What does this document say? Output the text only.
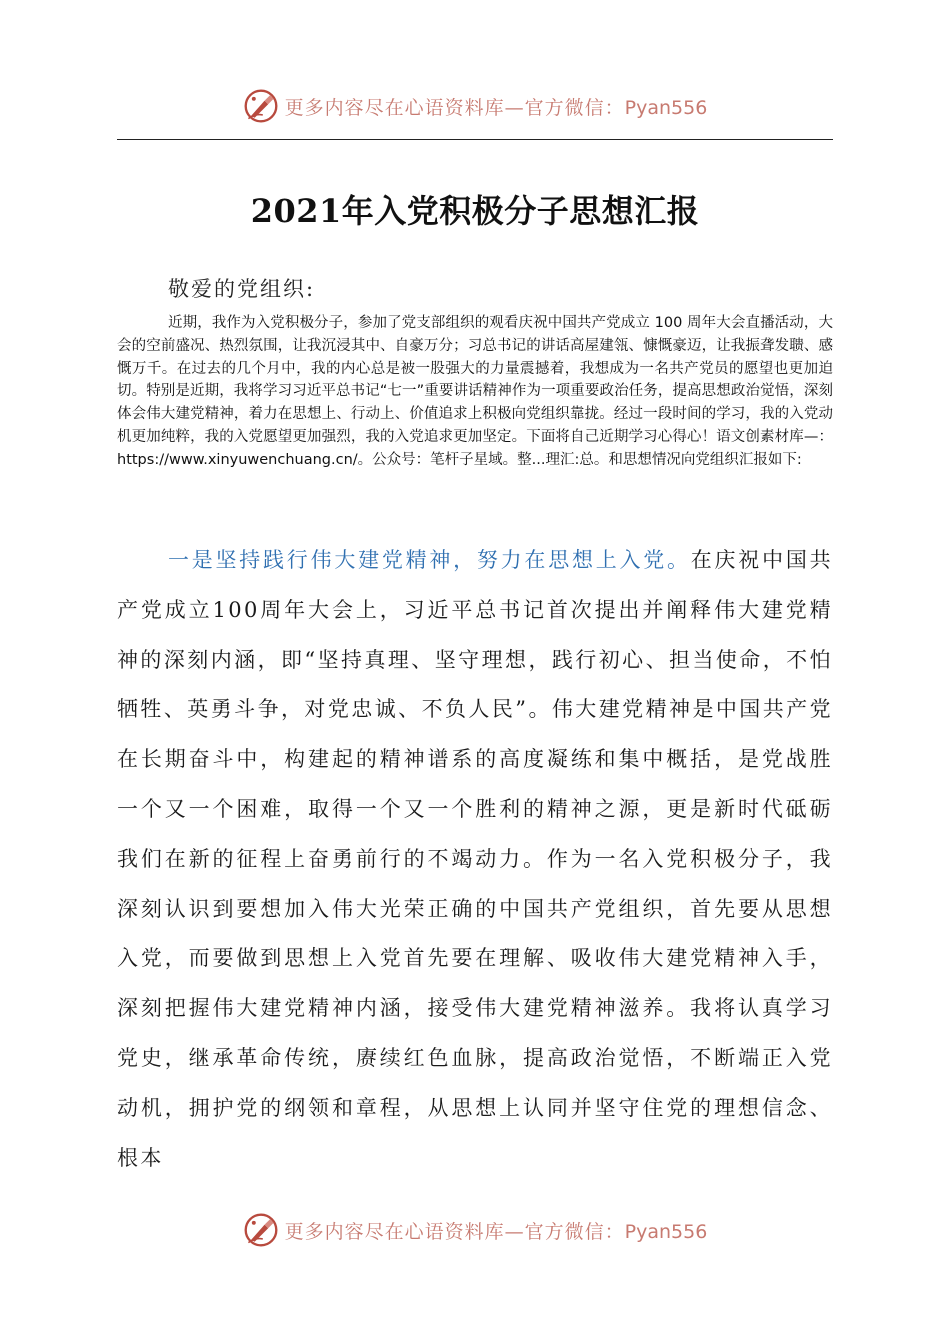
更多内容尽在心语资料库—官方微信：Pyan556
2021年入党积极分子思想汇报
敬爱的党组织:

近期，我作为入党积极分子，参加了党支部组织的观看庆祝中国共产党成立 100 周年大会直播活动，大会的空前盛况、热烈氛围，让我沉浸其中、自豪万分；习总书记的讲话高屋建瓴、慷慨豪迈，让我振聋发聩、感慨万千。在过去的几个月中，我的内心总是被一股强大的力量震撼着，我想成为一名共产党员的愿望也更加迫切。特别是近期，我将学习习近平总书记“七一”重要讲话精神作为一项重要政治任务，提高思想政治觉悟，深刻体会伟大建党精神，着力在思想上、行动上、价值追求上积极向党组织靠拢。经过一段时间的学习，我的入党动机更加纯粹，我的入党愿望更加强烈，我的入党追求更加坚定。下面将自己近期学习心得心！语文创素材库—：https://www.xinyuwenchuang.cn/。公众号：笔杆子星域。整...理汇:总。和思想情况向党组织汇报如下:

一是坚持践行伟大建党精神，努力在思想上入党。在庆祝中国共产党成立100周年大会上，习近平总书记首次提出并阐释伟大建党精神的深刻内涵，即“坚持真理、坚守理想，践行初心、担当使命，不怕牺牲、英勇斗争，对党忠诚、不负人民”。伟大建党精神是中国共产党在长期奋斗中，构建起的精神谱系的高度凝练和集中概括，是党战胜一个又一个困难，取得一个又一个胜利的精神之源，更是新时代砥砺我们在新的征程上奋勇前行的不竭动力。作为一名入党积极分子，我深刻认识到要想加入伟大光荣正确的中国共产党组织，首先要从思想入党，而要做到思想上入党首先要在理解、吸收伟大建党精神入手，深刻把握伟大建党精神内涵，接受伟大建党精神滋养。我将认真学习党史，继承革命传统，赓续红色血脉，提高政治觉悟，不断端正入党动机，拥护党的纲领和章程，从思想上认同并坚守住党的理想信念、根本

更多内容尽在心语资料库—官方微信：Pyan556
